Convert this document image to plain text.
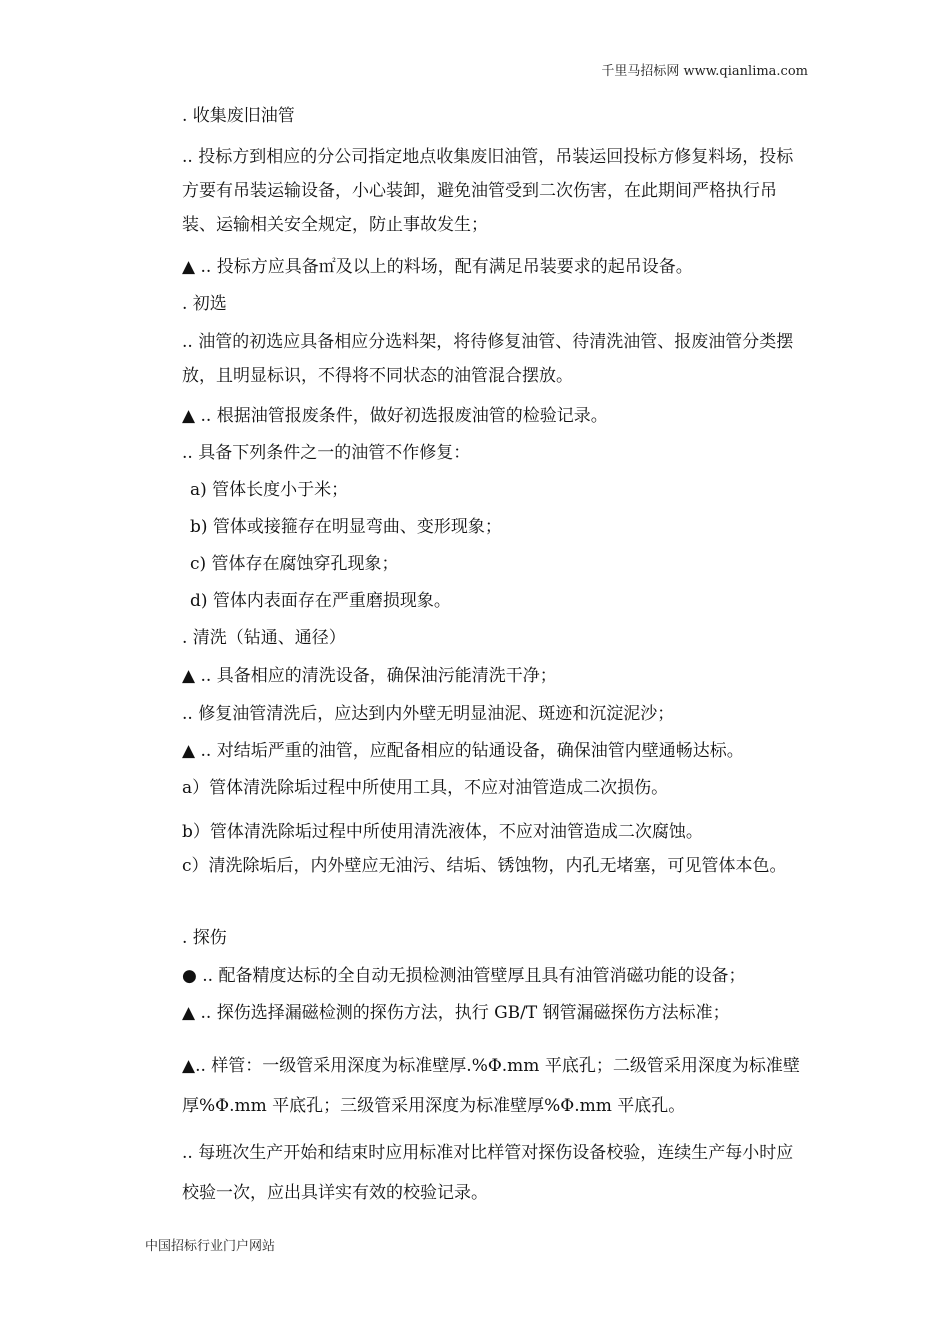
千里马招标网 www.qianlima.com
. 收集废旧油管
.. 投标方到相应的分公司指定地点收集废旧油管，吊装运回投标方修复料场，投标方要有吊装运输设备，小心装卸，避免油管受到二次伤害，在此期间严格执行吊装、运输相关安全规定，防止事故发生；
▲ .. 投标方应具备㎡及以上的料场，配有满足吊装要求的起吊设备。
. 初选
.. 油管的初选应具备相应分选料架，将待修复油管、待清洗油管、报废油管分类摆放，且明显标识，不得将不同状态的油管混合摆放。
▲ .. 根据油管报废条件，做好初选报废油管的检验记录。
.. 具备下列条件之一的油管不作修复：
a) 管体长度小于米；
b) 管体或接箍存在明显弯曲、变形现象；
c) 管体存在腐蚀穿孔现象；
d) 管体内表面存在严重磨损现象。
. 清洗（钻通、通径）
▲ .. 具备相应的清洗设备，确保油污能清洗干净；
.. 修复油管清洗后，应达到内外壁无明显油泥、斑迹和沉淀泥沙；
▲ .. 对结垢严重的油管，应配备相应的钻通设备，确保油管内壁通畅达标。
a）管体清洗除垢过程中所使用工具，不应对油管造成二次损伤。
b）管体清洗除垢过程中所使用清洗液体，不应对油管造成二次腐蚀。
c）清洗除垢后，内外壁应无油污、结垢、锈蚀物，内孔无堵塞，可见管体本色。
. 探伤
● .. 配备精度达标的全自动无损检测油管壁厚且具有油管消磁功能的设备；
▲ .. 探伤选择漏磁检测的探伤方法，执行 GB/T 钢管漏磁探伤方法标准；
▲.. 样管：一级管采用深度为标准壁厚.%Φ.mm 平底孔；二级管采用深度为标准壁厚%Φ.mm 平底孔；三级管采用深度为标准壁厚%Φ.mm 平底孔。
.. 每班次生产开始和结束时应用标准对比样管对探伤设备校验，连续生产每小时应校验一次，应出具详实有效的校验记录。
中国招标行业门户网站
